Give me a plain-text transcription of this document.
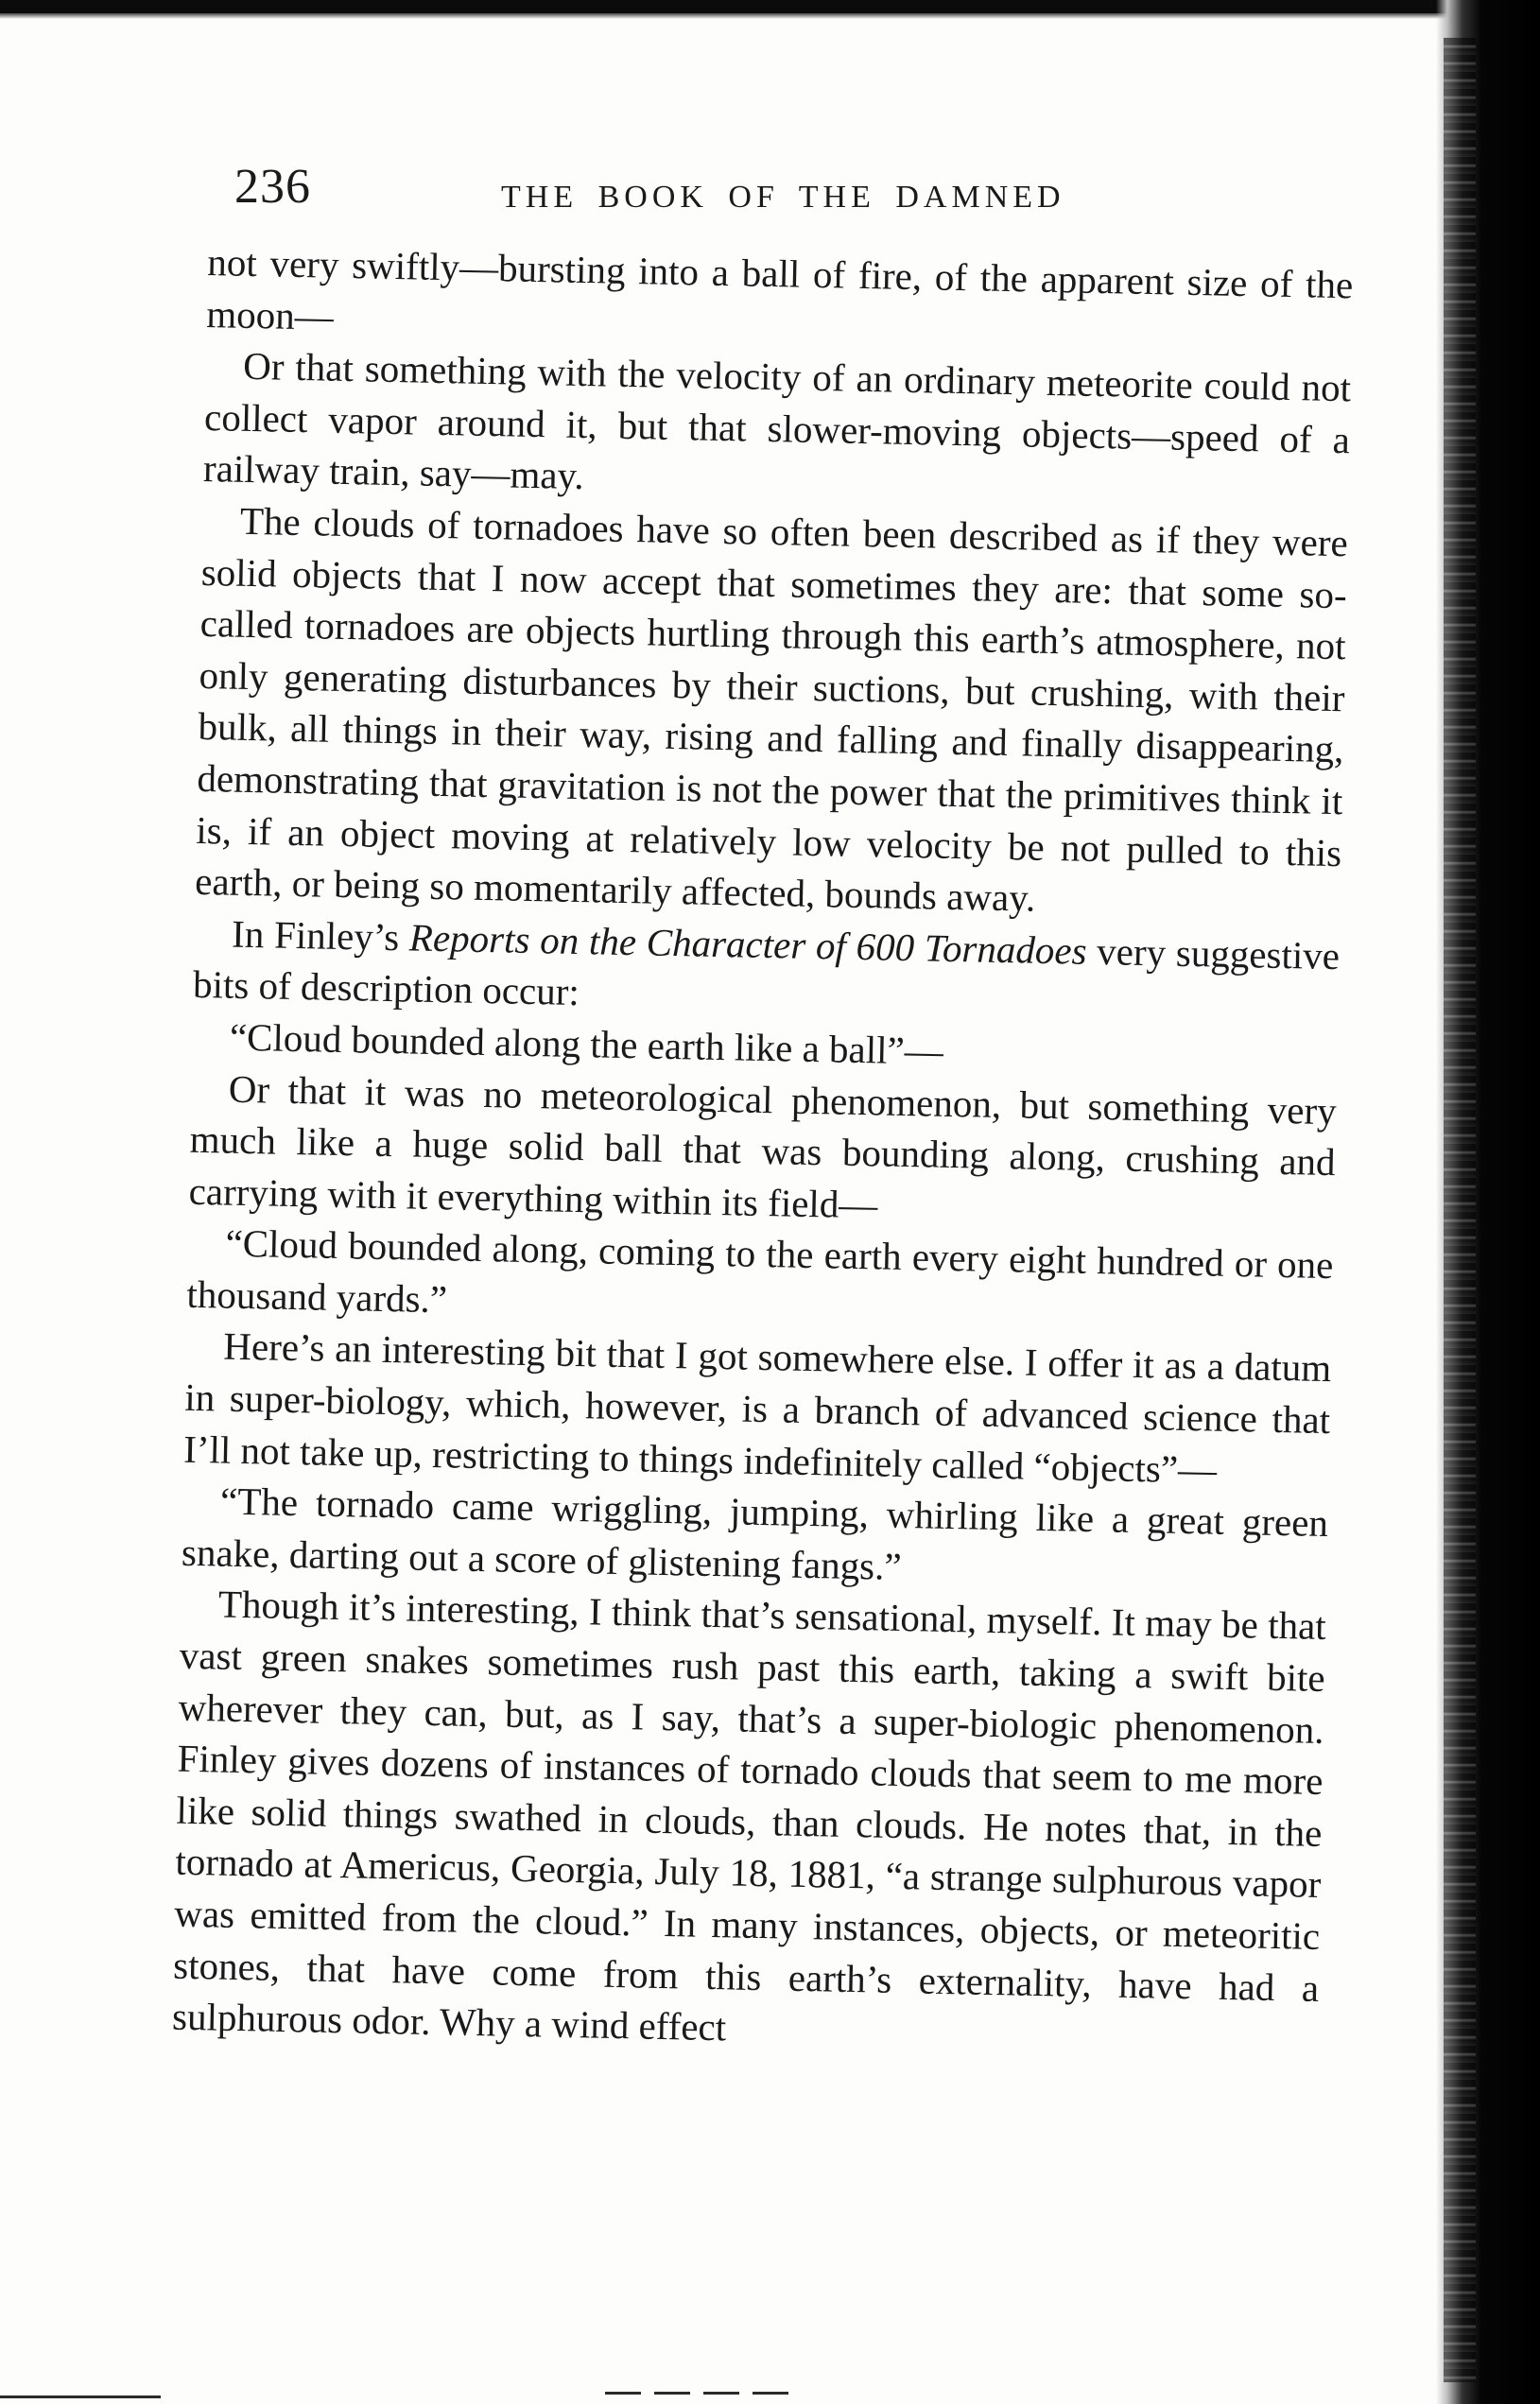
236	THE BOOK OF THE DAMNED

not very swiftly—bursting into a ball of fire, of the apparent size of the moon—

Or that something with the velocity of an ordinary meteorite could not collect vapor around it, but that slower-moving objects—speed of a railway train, say—may.

The clouds of tornadoes have so often been described as if they were solid objects that I now accept that sometimes they are: that some so-called tornadoes are objects hurtling through this earth’s atmosphere, not only generating disturbances by their suctions, but crushing, with their bulk, all things in their way, rising and falling and finally disappearing, demonstrating that gravitation is not the power that the primitives think it is, if an object moving at relatively low velocity be not pulled to this earth, or being so momentarily affected, bounds away.

In Finley’s Reports on the Character of 600 Tornadoes very suggestive bits of description occur:

“Cloud bounded along the earth like a ball”—

Or that it was no meteorological phenomenon, but something very much like a huge solid ball that was bounding along, crushing and carrying with it everything within its field—

“Cloud bounded along, coming to the earth every eight hundred or one thousand yards.”

Here’s an interesting bit that I got somewhere else. I offer it as a datum in super-biology, which, however, is a branch of advanced science that I’ll not take up, restricting to things indefinitely called “objects”—

“The tornado came wriggling, jumping, whirling like a great green snake, darting out a score of glistening fangs.”

Though it’s interesting, I think that’s sensational, myself. It may be that vast green snakes sometimes rush past this earth, taking a swift bite wherever they can, but, as I say, that’s a super-biologic phenomenon. Finley gives dozens of instances of tornado clouds that seem to me more like solid things swathed in clouds, than clouds. He notes that, in the tornado at Americus, Georgia, July 18, 1881, “a strange sulphurous vapor was emitted from the cloud.” In many instances, objects, or meteoritic stones, that have come from this earth’s externality, have had a sulphurous odor. Why a wind effect
